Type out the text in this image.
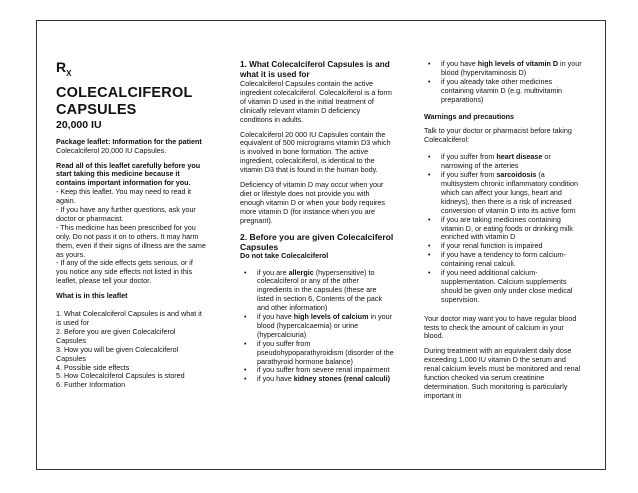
$R_X$
COLECALCIFEROL CAPSULES
20,000 IU

Package leaflet: Information for the patient
Colecalciferol 20,000 IU Capsules.

Read all of this leaflet carefully before you start taking this medicine because it contains important information for you.
- Keep this leaflet. You may need to read it again.
- If you have any further questions, ask your doctor or pharmacist.
- This medicine has been prescribed for you only. Do not pass it on to others. It may harm them, even if their signs of illness are the same as yours.
- If any of the side effects gets serious, or if you notice any side effects not listed in this leaflet, please tell your doctor.

What is in this leaflet

1. What Colecalciferol Capsules is and what it is used for
2. Before you are given Colecalciferol Capsules
3. How you will be given Colecalciferol Capsules
4. Possible side effects
5. How Colecalciferol Capsules is stored
6. Further Information

1. What Colecalciferol Capsules is and what it is used for

Colecalciferol Capsules contain the active ingredient colecalciferol. Colecalciferol is a form of vitamin D used in the initial treatment of clinically relevant vitamin D deficiency conditions in adults.

Colecalciferol 20 000 IU Capsules contain the equivalent of 500 micrograms vitamin D3 which is involved in bone formation. The active ingredient, colecalciferol, is identical to the vitamin D3 that is found in the human body.

Deficiency of vitamin D may occur when your diet or lifestyle does not provide you with enough vitamin D or when your body requires more vitamin D (for instance when you are pregnant).

2. Before you are given Colecalciferol Capsules
Do not take Colecalciferol
• if you are allergic (hypersensitive) to colecalciferol or any of the other ingredients in the capsules (these are listed in section 6, Contents of the pack and other information)
• if you have high levels of calcium in your blood (hypercalcaemia) or urine (hypercalciuria)
• if you suffer from pseudohypoparathyroidism (disorder of the parathyroid hormone balance)
• if you suffer from severe renal impairment
• if you have kidney stones (renal calculi)
• if you have high levels of vitamin D in your blood (hypervitaminosis D)
• if you already take other medicines containing vitamin D (e.g. multivitamin preparations)
Warnings and precautions

Talk to your doctor or pharmacist before taking Colecalciferol:

• if you suffer from heart disease or narrowing of the arteries
• if you suffer from sarcoidosis (a multisystem chronic inflammatory condition which can affect your lungs, heart and kidneys), then there is a risk of increased conversion of vitamin D into its active form
• if you are taking medicines containing vitamin D, or eating foods or drinking milk enriched with vitamin D
• if your renal function is impaired
• if you have a tendency to form calcium-containing renal calculi.
• if you need additional calcium-supplementation. Calcium supplements should be given only under close medical supervision.

Your doctor may want you to have regular blood tests to check the amount of calcium in your blood.

During treatment with an equivalent daily dose exceeding 1,000 IU vitamin D the serum and renal calcium levels must be monitored and renal function checked via serum creatinine determination. Such monitoring is particularly important in
